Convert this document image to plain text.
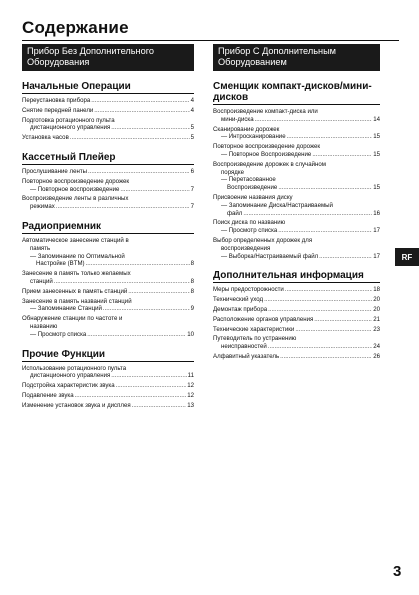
Содержание
Прибор Без Дополнительного Оборудования
Начальные Операции
Переустановка прибора .....	4
Снятие передней панели .....	4
Подготовка ротационного пульта
дистанционного управления .....	5
Установка часов .....	5
Кассетный Плейер
Прослушивание ленты .....	6
Повторное воспроизведение дорожек
— Повторное воспроизведение .....	7
Воспроизведение ленты в различных
режимах .....	7
Радиоприемник
Автоматическое занесение станций в
память
— Запоминание по Оптимальной
Настройке (BTM) .....	8
Занесение в память только желаемых
станций .....	8
Прием занесенных в память станций .....	8
Занесение в память названий станций
— Запоминание Станций .....	9
Обнаружение станции по частоте и
названию
— Просмотр списка .....	10
Прочие Функции
Использование ротационного пульта
дистанционного управления .....	11
Подстройка характеристик звука .....	12
Подавление звука .....	12
Изменение установок звука и дисплея .....	13
Прибор С Дополнительным Оборудованием
Сменщик компакт-дисков/мини-дисков
Воспроизведение компакт-диска или
мини-диска .....	14
Сканирование дорожек
— Интросканирование .....	15
Повторное воспроизведение дорожек
— Повторное Воспроизведение .....	15
Воспроизведение дорожек в случайном
порядке
— Перетасованное
Воспроизведение .....	15
Присвоение названия диску
— Запоминание Диска/Настраиваемый
файл .....	16
Поиск диска по названию
— Просмотр списка .....	17
Выбор определенных дорожек для
воспроизведения
— Выборка/Настраиваемый файл .....	17
Дополнительная информация
Меры предосторожности .....	18
Технический уход .....	20
Демонтаж прибора .....	20
Расположение органов управления .....	21
Технические характеристики .....	23
Путеводитель по устранению
неисправностей .....	24
Алфавитный указатель .....	26
RF
3
